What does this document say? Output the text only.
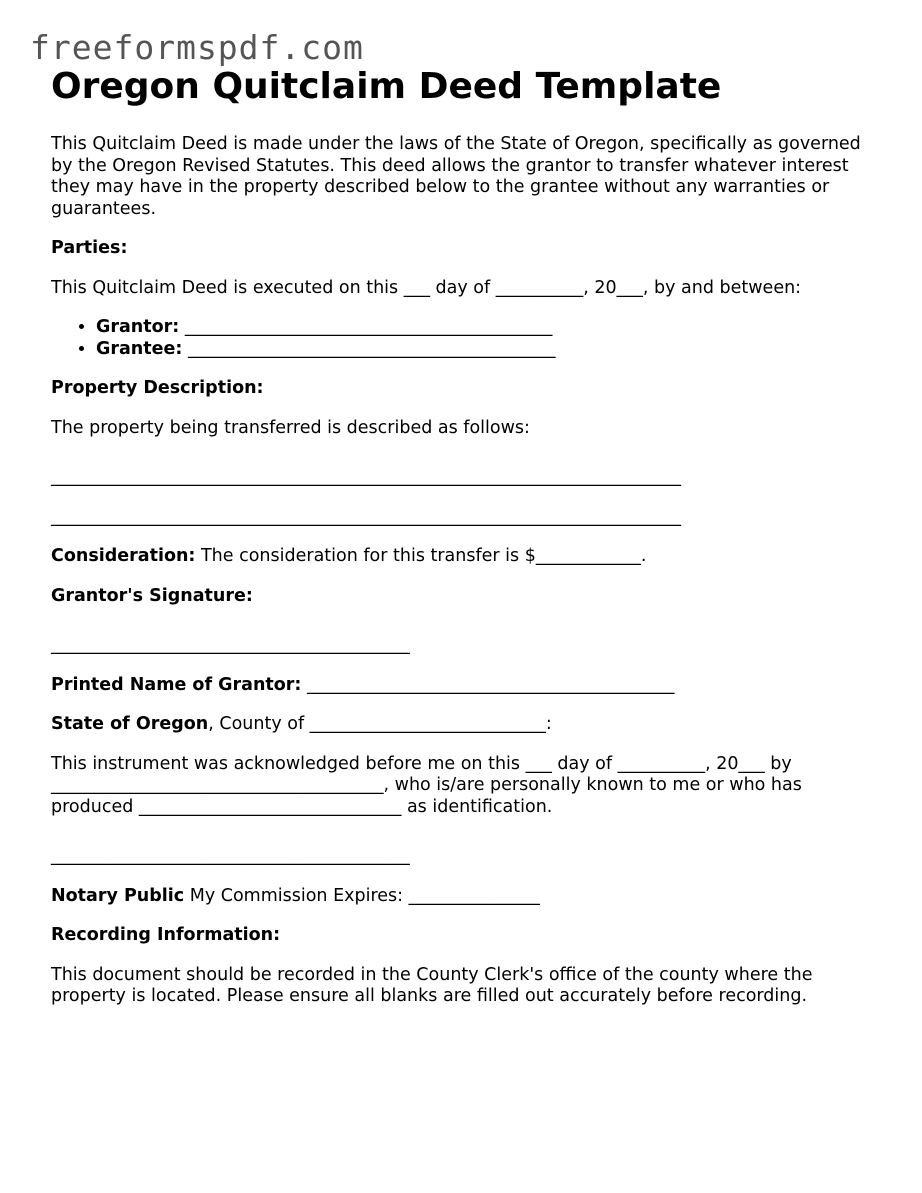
freeformspdf.com
Oregon Quitclaim Deed Template

This Quitclaim Deed is made under the laws of the State of Oregon, specifically as governed by the Oregon Revised Statutes. This deed allows the grantor to transfer whatever interest they may have in the property described below to the grantee without any warranties or guarantees.

Parties:

This Quitclaim Deed is executed on this ___ day of __________, 20___, by and between:

• Grantor: __________________________________________
• Grantee: __________________________________________

Property Description:

The property being transferred is described as follows:

________________________________________________________________________

________________________________________________________________________

Consideration: The consideration for this transfer is $____________.

Grantor's Signature:

_________________________________________

Printed Name of Grantor: __________________________________________

State of Oregon, County of ___________________________:

This instrument was acknowledged before me on this ___ day of __________, 20___ by

______________________________________, who is/are personally known to me or who has

produced ______________________________ as identification.

_________________________________________

Notary Public My Commission Expires: _______________

Recording Information:

This document should be recorded in the County Clerk's office of the county where the property is located. Please ensure all blanks are filled out accurately before recording.
